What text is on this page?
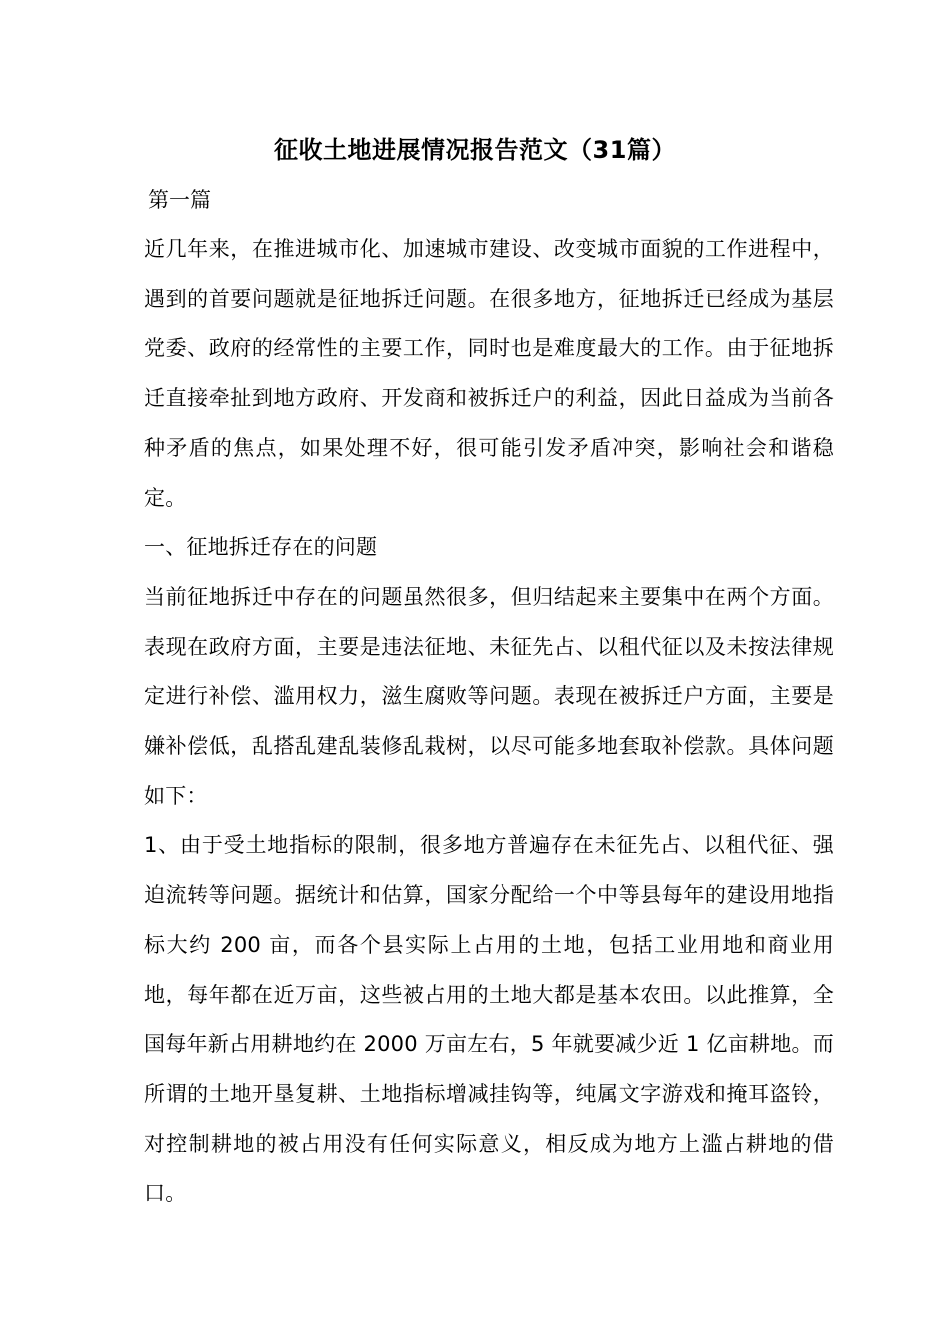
征收土地进展情况报告范文（31篇）
第一篇

近几年来，在推进城市化、加速城市建设、改变城市面貌的工作进程中，遇到的首要问题就是征地拆迁问题。在很多地方，征地拆迁已经成为基层党委、政府的经常性的主要工作，同时也是难度最大的工作。由于征地拆迁直接牵扯到地方政府、开发商和被拆迁户的利益，因此日益成为当前各种矛盾的焦点，如果处理不好，很可能引发矛盾冲突，影响社会和谐稳定。

一、征地拆迁存在的问题

当前征地拆迁中存在的问题虽然很多，但归结起来主要集中在两个方面。表现在政府方面，主要是违法征地、未征先占、以租代征以及未按法律规定进行补偿、滥用权力，滋生腐败等问题。表现在被拆迁户方面，主要是嫌补偿低，乱搭乱建乱装修乱栽树，以尽可能多地套取补偿款。具体问题如下：

1、由于受土地指标的限制，很多地方普遍存在未征先占、以租代征、强迫流转等问题。据统计和估算，国家分配给一个中等县每年的建设用地指标大约 200 亩，而各个县实际上占用的土地，包括工业用地和商业用地，每年都在近万亩，这些被占用的土地大都是基本农田。以此推算，全国每年新占用耕地约在 2000 万亩左右，5 年就要减少近 1 亿亩耕地。而所谓的土地开垦复耕、土地指标增减挂钩等，纯属文字游戏和掩耳盗铃，对控制耕地的被占用没有任何实际意义，相反成为地方上滥占耕地的借口。
